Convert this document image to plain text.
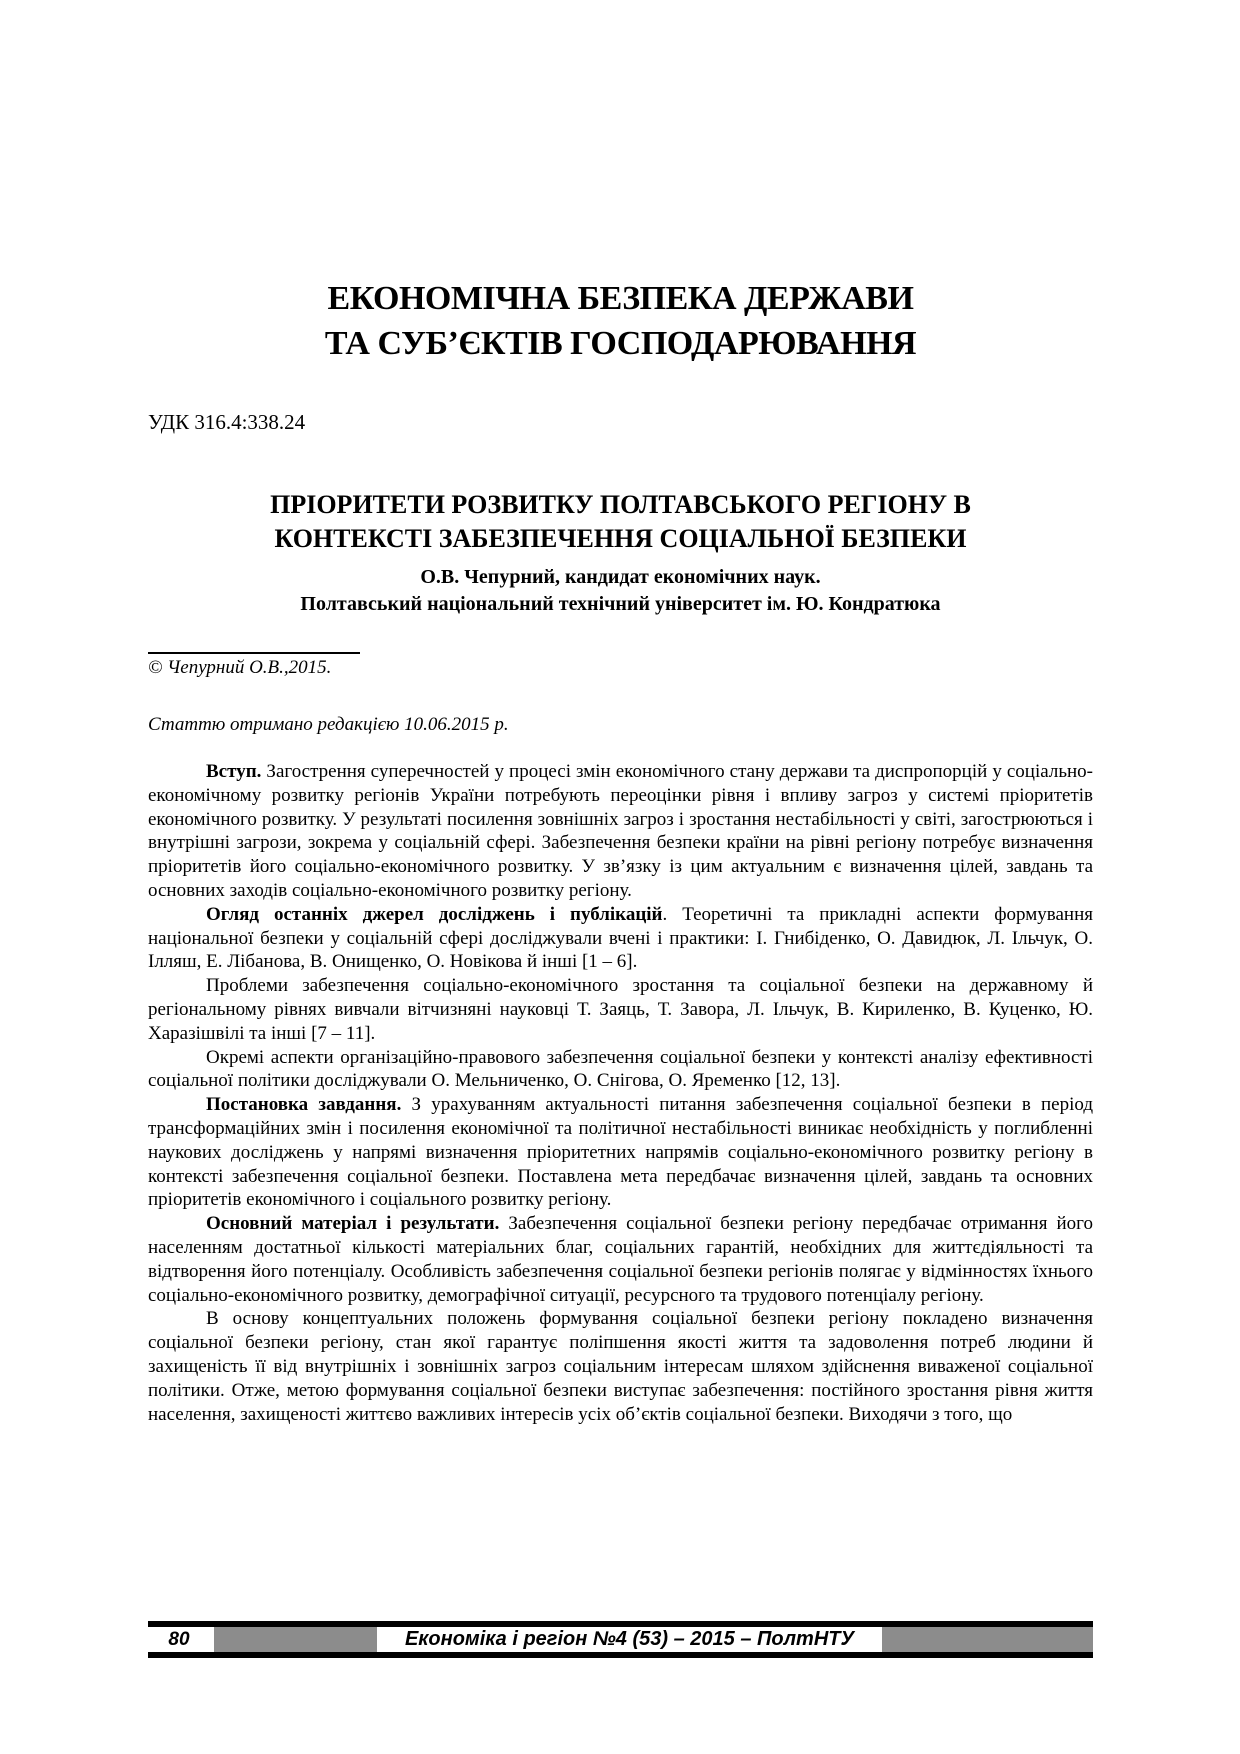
ЕКОНОМІЧНА БЕЗПЕКА ДЕРЖАВИ
ТА СУБ’ЄКТІВ ГОСПОДАРЮВАННЯ
УДК 316.4:338.24
ПРІОРИТЕТИ РОЗВИТКУ ПОЛТАВСЬКОГО РЕГІОНУ В
КОНТЕКСТІ ЗАБЕЗПЕЧЕННЯ СОЦІАЛЬНОЇ БЕЗПЕКИ
О.В. Чепурний, кандидат економічних наук.
Полтавський національний технічний університет ім. Ю. Кондратюка
© Чепурний О.В.,2015.
Статтю отримано редакцією 10.06.2015 р.

Вступ. Загострення суперечностей у процесі змін економічного стану держави та диспропорцій у соціально-економічному розвитку регіонів України потребують переоцінки рівня і впливу загроз у системі пріоритетів економічного розвитку. У результаті посилення зовнішніх загроз і зростання нестабільності у світі, загострюються і внутрішні загрози, зокрема у соціальній сфері. Забезпечення безпеки країни на рівні регіону потребує визначення пріоритетів його соціально-економічного розвитку. У зв’язку із цим актуальним є визначення цілей, завдань та основних заходів соціально-економічного розвитку регіону.

Огляд останніх джерел досліджень і публікацій. Теоретичні та прикладні аспекти формування національної безпеки у соціальній сфері досліджували вчені і практики: І. Гнибіденко, О. Давидюк, Л. Ільчук, О. Ілляш, Е. Лібанова, В. Онищенко, О. Новікова й інші [1 – 6].

Проблеми забезпечення соціально-економічного зростання та соціальної безпеки на державному й регіональному рівнях вивчали вітчизняні науковці Т. Заяць, Т. Завора, Л. Ільчук, В. Кириленко, В. Куценко, Ю. Харазішвілі та інші [7 – 11].

Окремі аспекти організаційно-правового забезпечення соціальної безпеки у контексті аналізу ефективності соціальної політики досліджували О. Мельниченко, О. Снігова, О. Яременко [12, 13].

Постановка завдання. З урахуванням актуальності питання забезпечення соціальної безпеки в період трансформаційних змін і посилення економічної та політичної нестабільності виникає необхідність у поглибленні наукових досліджень у напрямі визначення пріоритетних напрямів соціально-економічного розвитку регіону в контексті забезпечення соціальної безпеки. Поставлена мета передбачає визначення цілей, завдань та основних пріоритетів економічного і соціального розвитку регіону.

Основний матеріал і результати. Забезпечення соціальної безпеки регіону передбачає отримання його населенням достатньої кількості матеріальних благ, соціальних гарантій, необхідних для життєдіяльності та відтворення його потенціалу. Особливість забезпечення соціальної безпеки регіонів полягає у відмінностях їхнього соціально-економічного розвитку, демографічної ситуації, ресурсного та трудового потенціалу регіону.

В основу концептуальних положень формування соціальної безпеки регіону покладено визначення соціальної безпеки регіону, стан якої гарантує поліпшення якості життя та задоволення потреб людини й захищеність її від внутрішніх і зовнішніх загроз соціальним інтересам шляхом здійснення виваженої соціальної політики. Отже, метою формування соціальної безпеки виступає забезпечення: постійного зростання рівня життя населення, захищеності життєво важливих інтересів усіх об’єктів соціальної безпеки. Виходячи з того, що

80	Економіка і регіон №4 (53) – 2015 – ПолтНТУ
